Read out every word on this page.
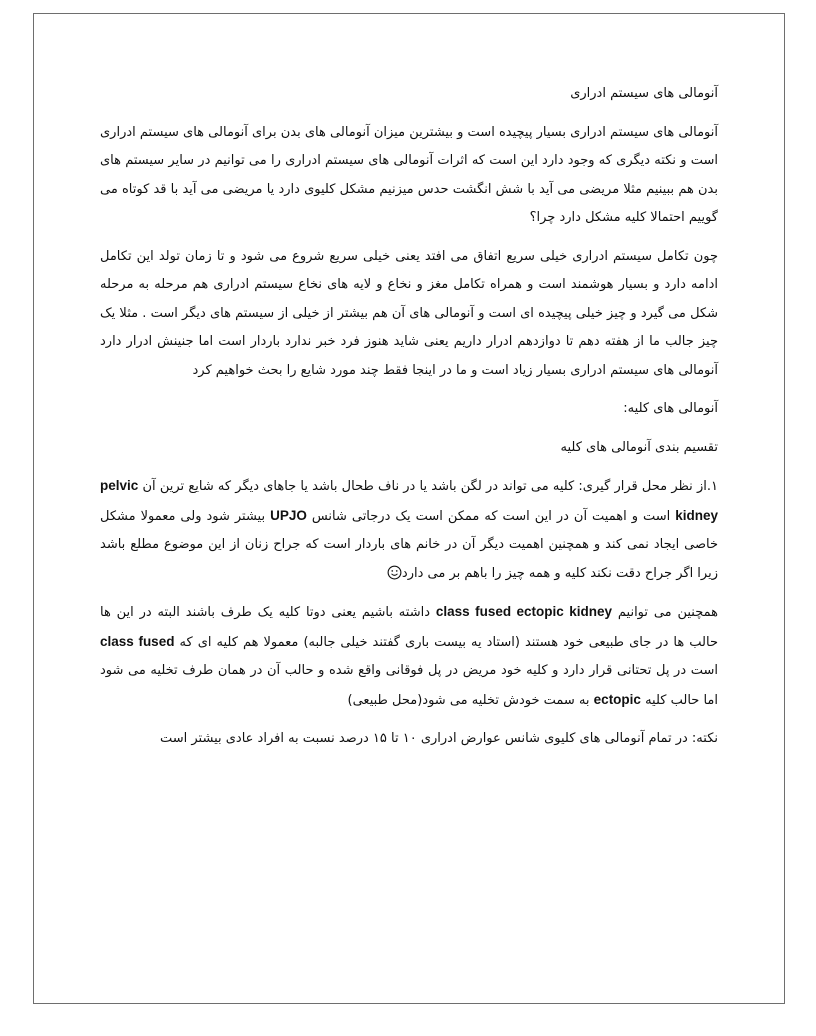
آنومالی های سیستم ادراری

آنومالی های سیستم ادراری بسیار پیچیده است و بیشترین میزان آنومالی های بدن برای آنومالی های سیستم ادراری است و نکته دیگری که وجود دارد این است که اثرات آنومالی های سیستم ادراری را می توانیم در سایر سیستم های بدن هم ببینیم مثلا مریضی می آید با شش انگشت حدس میزنیم مشکل کلیوی دارد یا مریضی می آید با قد کوتاه می گوییم احتمالا کلیه مشکل دارد چرا؟

چون تکامل سیستم ادراری خیلی سریع اتفاق می افتد یعنی خیلی سریع شروع می شود و تا زمان تولد این تکامل ادامه دارد و بسیار هوشمند است و همراه تکامل مغز و نخاع و لایه های نخاع سیستم ادراری هم مرحله به مرحله شکل می گیرد و چیز خیلی پیچیده ای است و آنومالی های آن هم بیشتر از خیلی از سیستم های دیگر است . مثلا یک چیز جالب ما از هفته دهم تا دوازدهم ادرار داریم یعنی شاید هنوز فرد خبر ندارد باردار است اما جنینش ادرار دارد آنومالی های سیستم ادراری بسیار زیاد است و ما در اینجا فقط چند مورد شایع را بحث خواهیم کرد

آنومالی های کلیه:

تقسیم بندی آنومالی های کلیه

۱.از نظر محل قرار گیری: کلیه می تواند در لگن باشد یا در ناف طحال باشد یا جاهای دیگر که شایع ترین آن pelvic kidney است و اهمیت آن در این است که ممکن است یک درجاتی شانس UPJO بیشتر شود ولی معمولا مشکل خاصی ایجاد نمی کند و همچنین اهمیت دیگر آن در خانم های باردار است که جراح زنان از این موضوع مطلع باشد زیرا اگر جراح دقت نکند کلیه و همه چیز را باهم بر می دارد

همچنین می توانیم class fused ectopic kidney داشته باشیم یعنی دوتا کلیه یک طرف باشند البته در این ها حالب ها در جای طبیعی خود هستند (استاد یه بیست باری گفتند خیلی جالبه) معمولا هم کلیه ای که class fused است در پل تحتانی قرار دارد و کلیه خود مریض در پل فوقانی واقع شده و حالب آن در همان طرف تخلیه می شود اما حالب کلیه ectopic به سمت خودش تخلیه می شود(محل طبیعی)

نکته: در تمام آنومالی های کلیوی شانس عوارض ادراری ۱۰ تا ۱۵ درصد نسبت به افراد عادی بیشتر است
